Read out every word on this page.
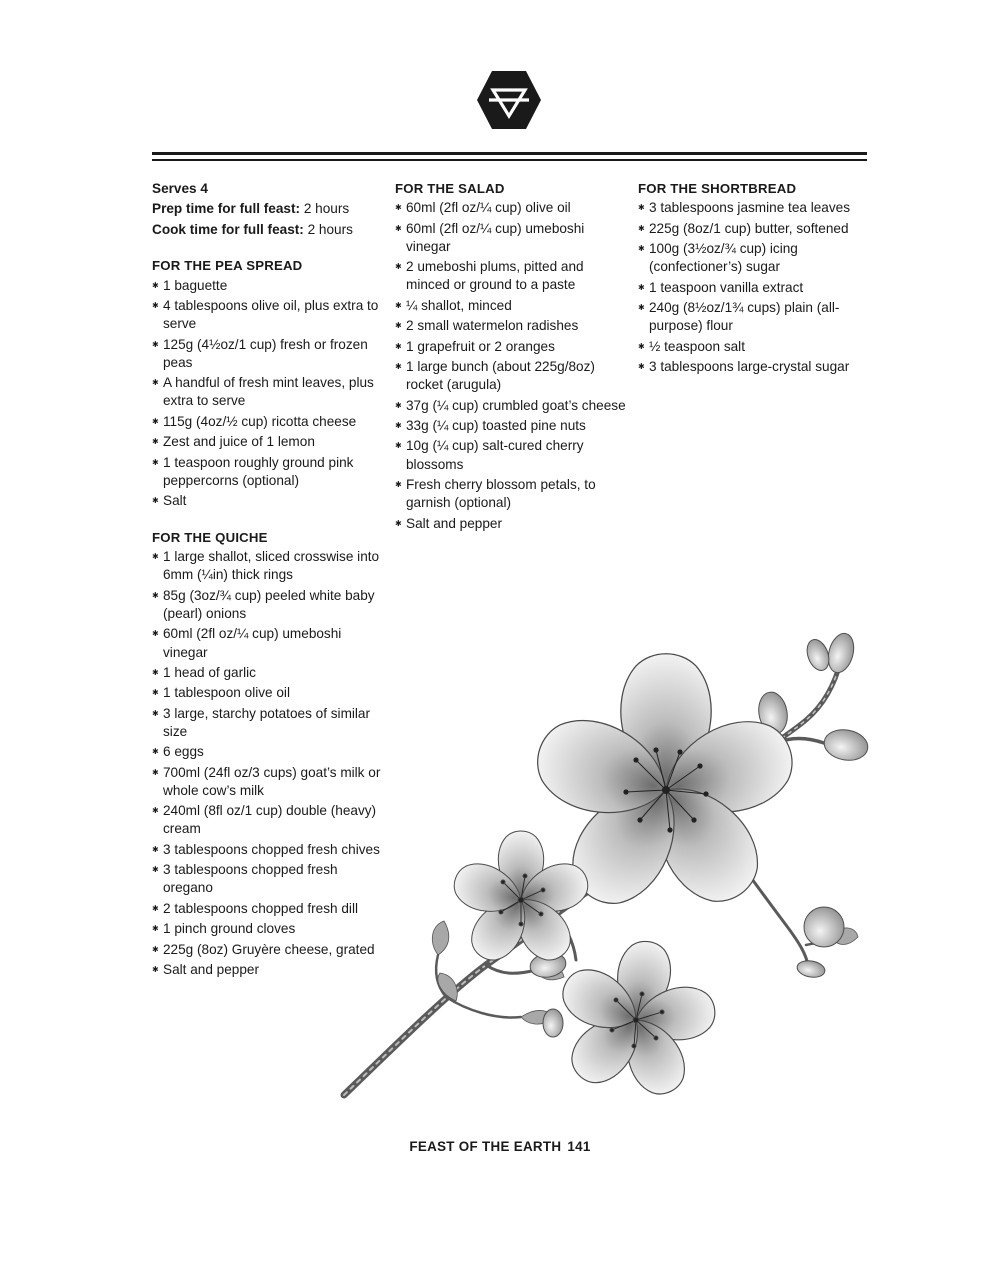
Serves 4
Prep time for full feast: 2 hours
Cook time for full feast: 2 hours
FOR THE PEA SPREAD
✱ 1 baguette
✱ 4 tablespoons olive oil, plus extra to serve
✱ 125g (4½oz/1 cup) fresh or frozen peas
✱ A handful of fresh mint leaves, plus extra to serve
✱ 115g (4oz/½ cup) ricotta cheese
✱ Zest and juice of 1 lemon
✱ 1 teaspoon roughly ground pink peppercorns (optional)
✱ Salt
FOR THE QUICHE
✱ 1 large shallot, sliced crosswise into 6mm (¼in) thick rings
✱ 85g (3oz/¾ cup) peeled white baby (pearl) onions
✱ 60ml (2fl oz/¼ cup) umeboshi vinegar
✱ 1 head of garlic
✱ 1 tablespoon olive oil
✱ 3 large, starchy potatoes of similar size
✱ 6 eggs
✱ 700ml (24fl oz/3 cups) goat’s milk or whole cow’s milk
✱ 240ml (8fl oz/1 cup) double (heavy) cream
✱ 3 tablespoons chopped fresh chives
✱ 3 tablespoons chopped fresh oregano
✱ 2 tablespoons chopped fresh dill
✱ 1 pinch ground cloves
✱ 225g (8oz) Gruyère cheese, grated
✱ Salt and pepper
FOR THE SALAD
✱ 60ml (2fl oz/¼ cup) olive oil
✱ 60ml (2fl oz/¼ cup) umeboshi vinegar
✱ 2 umeboshi plums, pitted and minced or ground to a paste
✱ ¼ shallot, minced
✱ 2 small watermelon radishes
✱ 1 grapefruit or 2 oranges
✱ 1 large bunch (about 225g/8oz) rocket (arugula)
✱ 37g (¼ cup) crumbled goat’s cheese
✱ 33g (¼ cup) toasted pine nuts
✱ 10g (¼ cup) salt-cured cherry blossoms
✱ Fresh cherry blossom petals, to garnish (optional)
✱ Salt and pepper
FOR THE SHORTBREAD
✱ 3 tablespoons jasmine tea leaves
✱ 225g (8oz/1 cup) butter, softened
✱ 100g (3½oz/¾ cup) icing (confectioner’s) sugar
✱ 1 teaspoon vanilla extract
✱ 240g (8½oz/1¾ cups) plain (all-purpose) flour
✱ ½ teaspoon salt
✱ 3 tablespoons large-crystal sugar
FEAST OF THE EARTH 141
